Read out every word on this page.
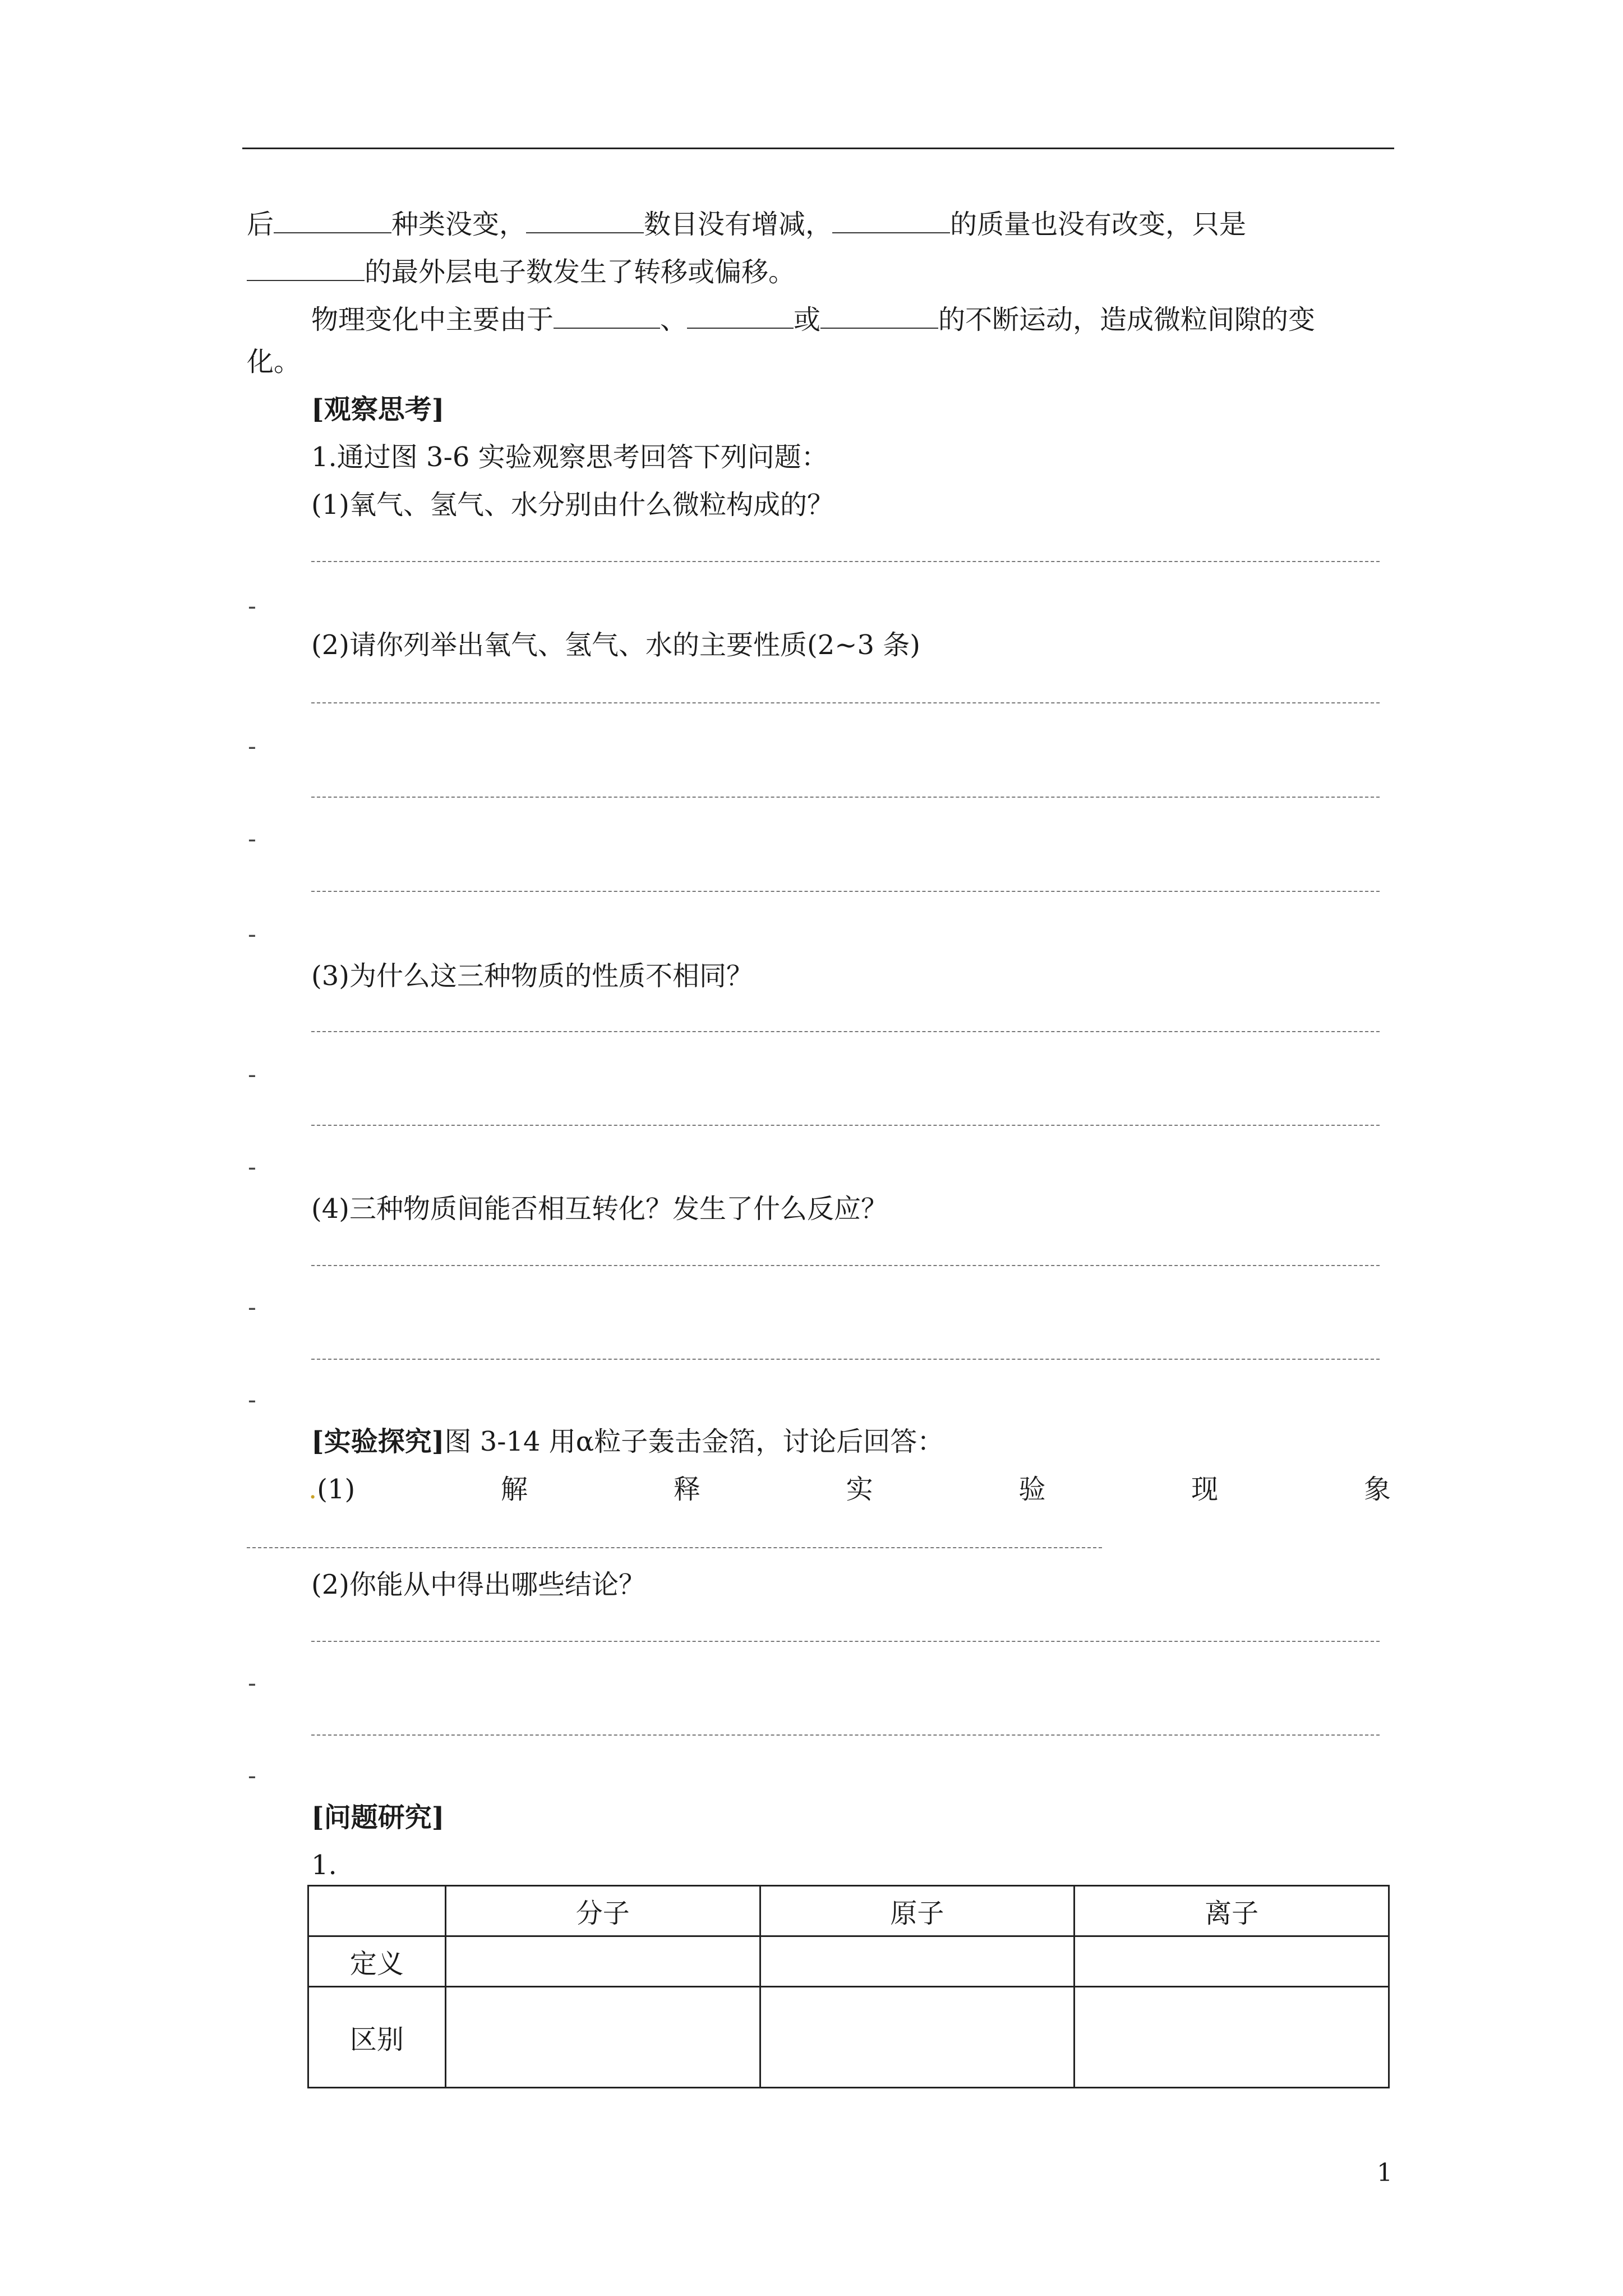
后	种类没变，	数目没有增减，	的质量也没有改变，只是
的最外层电子数发生了转移或偏移。
物理变化中主要由于	、	或	的不断运动，造成微粒间隙的变
化。
[观察思考]
1.通过图 3-6 实验观察思考回答下列问题：
(1)氧气、氢气、水分别由什么微粒构成的？
-
(2)请你列举出氧气、氢气、水的主要性质(2~3 条)
-
-
-
(3)为什么这三种物质的性质不相同？
-
-
(4)三种物质间能否相互转化？发生了什么反应？
-
-
[实验探究]图 3-14 用α粒子轰击金箔，讨论后回答：
.(1)	解	释	实	验	现	象
(2)你能从中得出哪些结论？
-
-
[问题研究]
1.
	分子	原子	离子
定义			
区别			
1
